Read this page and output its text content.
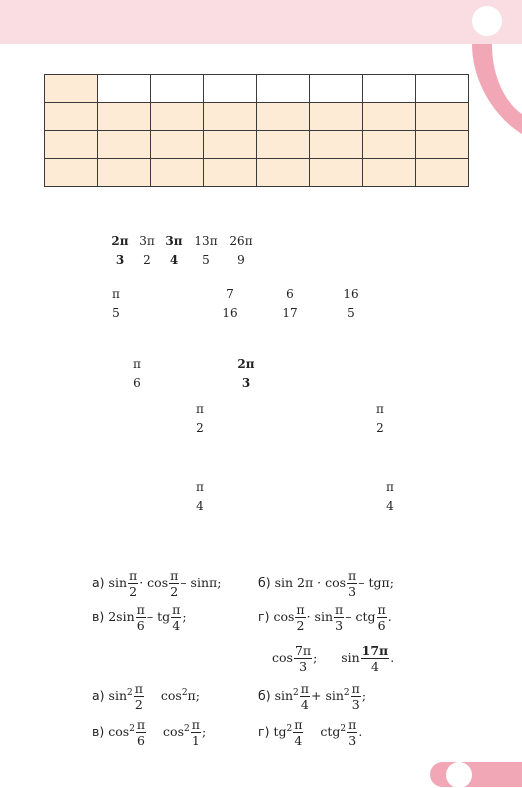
2π
3
3π
2
3π
4
13π
5
26π
9
π
5
7
16
6
17
16
5
π
6
2π
3
π
2
π
2
π
4
π
4
а) $\sin \frac{\pi}{2} \cdot \cos \frac{\pi}{2} - \sin\pi$;	б) $\sin 2\pi \cdot \cos \frac{\pi}{3} - tg\pi$;
в) $2\sin \frac{\pi}{6}$ – tg $\frac{\pi}{4}$ ;	г) $\cos \frac{\pi}{2} \cdot \sin \frac{\pi}{3}$ – ctg $\frac{\pi}{6}$ .
$\cos \frac{7\pi}{3}$ ; $\sin \frac{17\pi}{4}$ .
а) $\sin^2 \frac{\pi}{2} \cos^2\pi$;	б) $\sin^2 \frac{\pi}{4} + \sin^2 \frac{\pi}{3}$ ;
в) $\cos^2 \frac{\pi}{6} \cos^2 \frac{\pi}{1}$ ;	г) $tg^2 \frac{\pi}{4} ctg^2 \frac{\pi}{3}$ .
